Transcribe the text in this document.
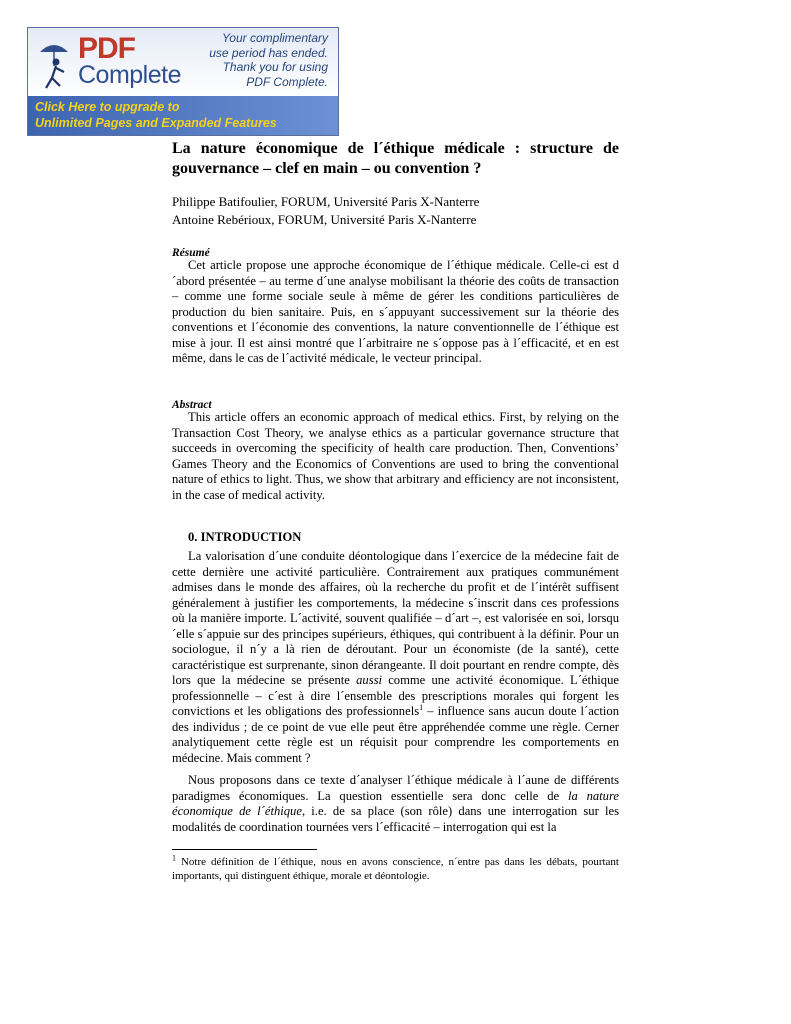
PDF
Complete
Your complimentary
use period has ended.
Thank you for using
PDF Complete.
Click Here to upgrade to
Unlimited Pages and Expanded Features
La nature économique de l´éthique médicale : structure de gouvernance – clef en main – ou convention ?
Philippe Batifoulier, FORUM, Université Paris X-Nanterre
Antoine Rebérioux, FORUM, Université Paris X-Nanterre
Résumé

Cet article propose une approche économique de l´éthique médicale. Celle-ci est d´abord présentée – au terme d´une analyse mobilisant la théorie des coûts de transaction – comme une forme sociale seule à même de gérer les conditions particulières de production du bien sanitaire. Puis, en s´appuyant successivement sur la théorie des conventions et l´économie des conventions, la nature conventionnelle de l´éthique est mise à jour. Il est ainsi montré que l´arbitraire ne s´oppose pas à l´efficacité, et en est même, dans le cas de l´activité médicale, le vecteur principal.

Abstract

This article offers an economic approach of medical ethics. First, by relying on the Transaction Cost Theory, we analyse ethics as a particular governance structure that succeeds in overcoming the specificity of health care production. Then, Conventions’ Games Theory and the Economics of Conventions are used to bring the conventional nature of ethics to light. Thus, we show that arbitrary and efficiency are not inconsistent, in the case of medical activity.

0. INTRODUCTION

La valorisation d´une conduite déontologique dans l´exercice de la médecine fait de cette dernière une activité particulière. Contrairement aux pratiques communément admises dans le monde des affaires, où la recherche du profit et de l´intérêt suffisent généralement à justifier les comportements, la médecine s´inscrit dans ces professions où la manière importe. L´activité, souvent qualifiée – d´art –, est valorisée en soi, lorsqu´elle s´appuie sur des principes supérieurs, éthiques, qui contribuent à la définir. Pour un sociologue, il n´y a là rien de déroutant. Pour un économiste (de la santé), cette caractéristique est surprenante, sinon dérangeante. Il doit pourtant en rendre compte, dès lors que la médecine se présente aussi comme une activité économique. L´éthique professionnelle – c´est à dire l´ensemble des prescriptions morales qui forgent les convictions et les obligations des professionnels$^1$ – influence sans aucun doute l´action des individus ; de ce point de vue elle peut être appréhendée comme une règle. Cerner analytiquement cette règle est un réquisit pour comprendre les comportements en médecine. Mais comment ?

Nous proposons dans ce texte d´analyser l´éthique médicale à l´aune de différents paradigmes économiques. La question essentielle sera donc celle de la nature économique de l´éthique, i.e. de sa place (son rôle) dans une interrogation sur les modalités de coordination tournées vers l´efficacité – interrogation qui est la

$^1$ Notre définition de l´éthique, nous en avons conscience, n´entre pas dans les débats, pourtant importants, qui distinguent éthique, morale et déontologie.
